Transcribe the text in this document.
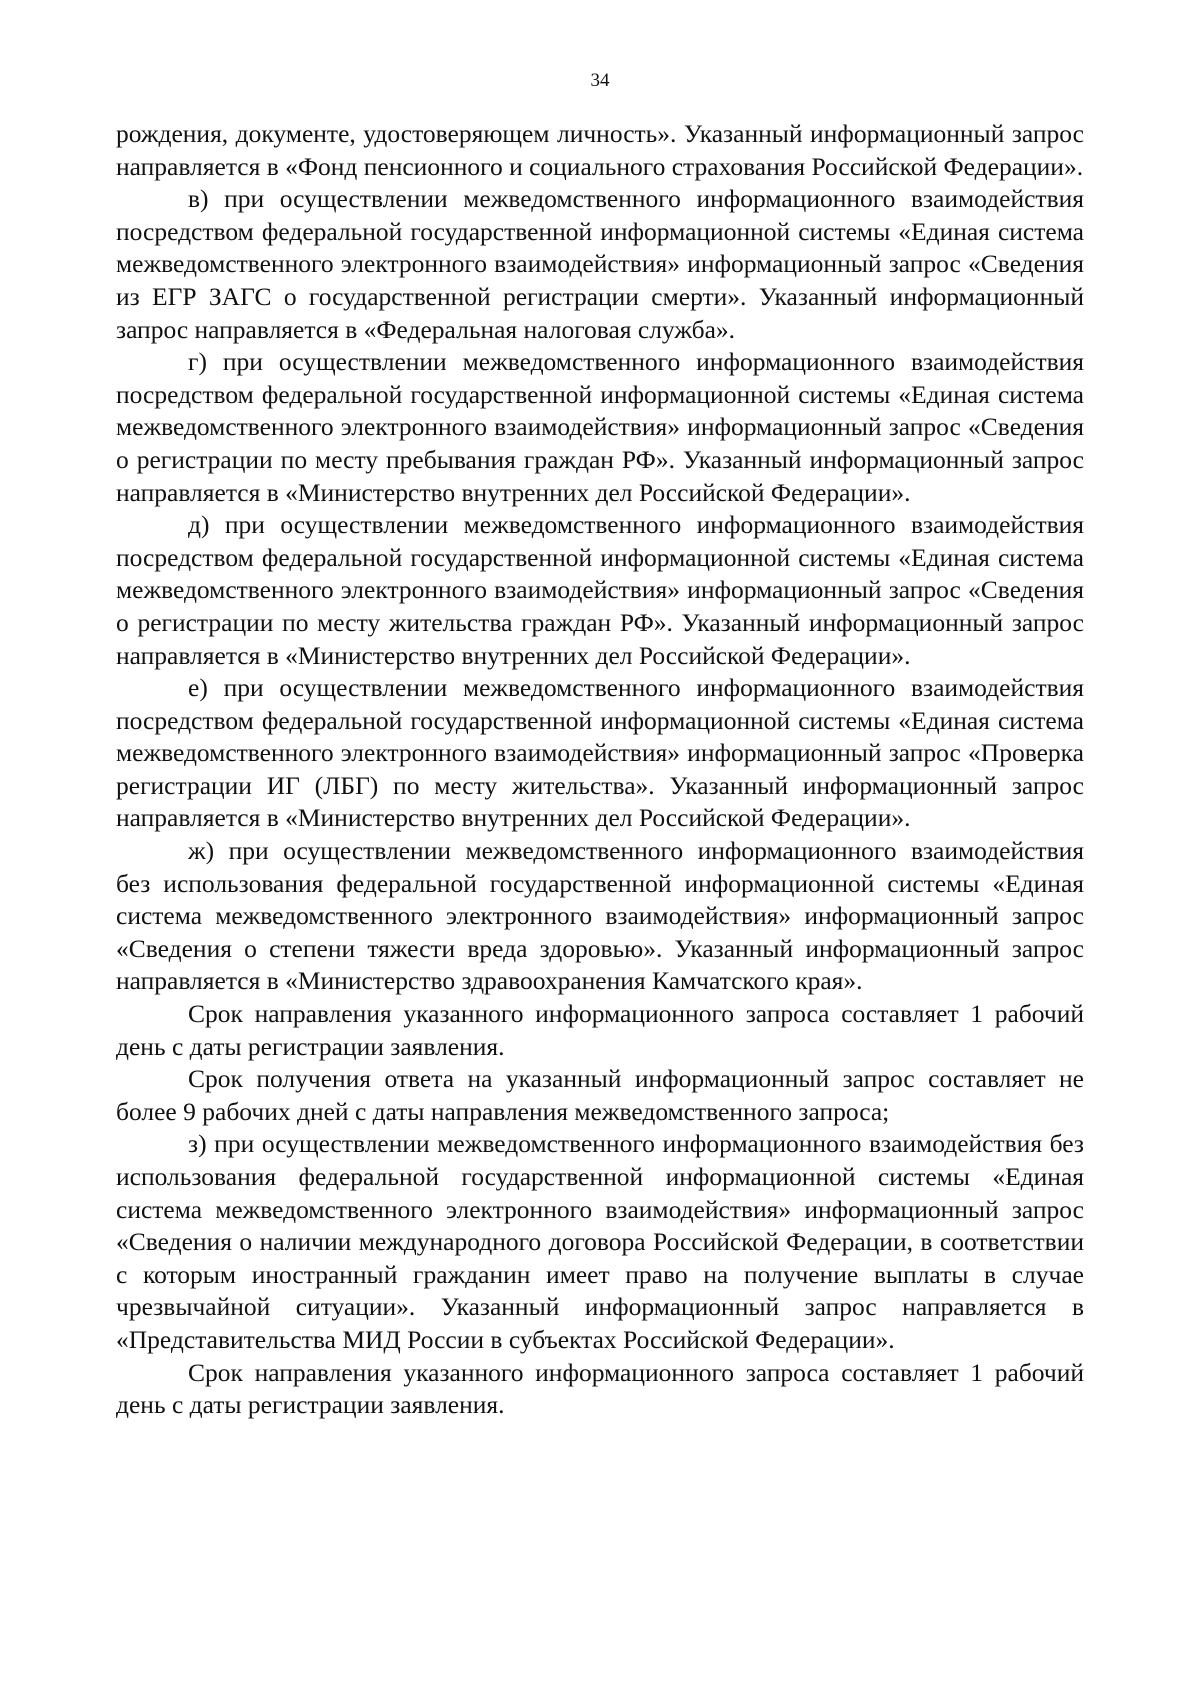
34

рождения, документе, удостоверяющем личность». Указанный информационный запрос направляется в «Фонд пенсионного и социального страхования Российской Федерации».

в) при осуществлении межведомственного информационного взаимодействия посредством федеральной государственной информационной системы «Единая система межведомственного электронного взаимодействия» информационный запрос «Сведения из ЕГР ЗАГС о государственной регистрации смерти». Указанный информационный запрос направляется в «Федеральная налоговая служба».

г) при осуществлении межведомственного информационного взаимодействия посредством федеральной государственной информационной системы «Единая система межведомственного электронного взаимодействия» информационный запрос «Сведения о регистрации по месту пребывания граждан РФ». Указанный информационный запрос направляется в «Министерство внутренних дел Российской Федерации».

д) при осуществлении межведомственного информационного взаимодействия посредством федеральной государственной информационной системы «Единая система межведомственного электронного взаимодействия» информационный запрос «Сведения о регистрации по месту жительства граждан РФ». Указанный информационный запрос направляется в «Министерство внутренних дел Российской Федерации».

е) при осуществлении межведомственного информационного взаимодействия посредством федеральной государственной информационной системы «Единая система межведомственного электронного взаимодействия» информационный запрос «Проверка регистрации ИГ (ЛБГ) по месту жительства». Указанный информационный запрос направляется в «Министерство внутренних дел Российской Федерации».

ж) при осуществлении межведомственного информационного взаимодействия без использования федеральной государственной информационной системы «Единая система межведомственного электронного взаимодействия» информационный запрос «Сведения о степени тяжести вреда здоровью». Указанный информационный запрос направляется в «Министерство здравоохранения Камчатского края».

Срок направления указанного информационного запроса составляет 1 рабочий день с даты регистрации заявления.

Срок получения ответа на указанный информационный запрос составляет не более 9 рабочих дней с даты направления межведомственного запроса;

з) при осуществлении межведомственного информационного взаимодействия без использования федеральной государственной информационной системы «Единая система межведомственного электронного взаимодействия» информационный запрос «Сведения о наличии международного договора Российской Федерации, в соответствии с которым иностранный гражданин имеет право на получение выплаты в случае чрезвычайной ситуации». Указанный информационный запрос направляется в «Представительства МИД России в субъектах Российской Федерации».

Срок направления указанного информационного запроса составляет 1 рабочий день с даты регистрации заявления.
